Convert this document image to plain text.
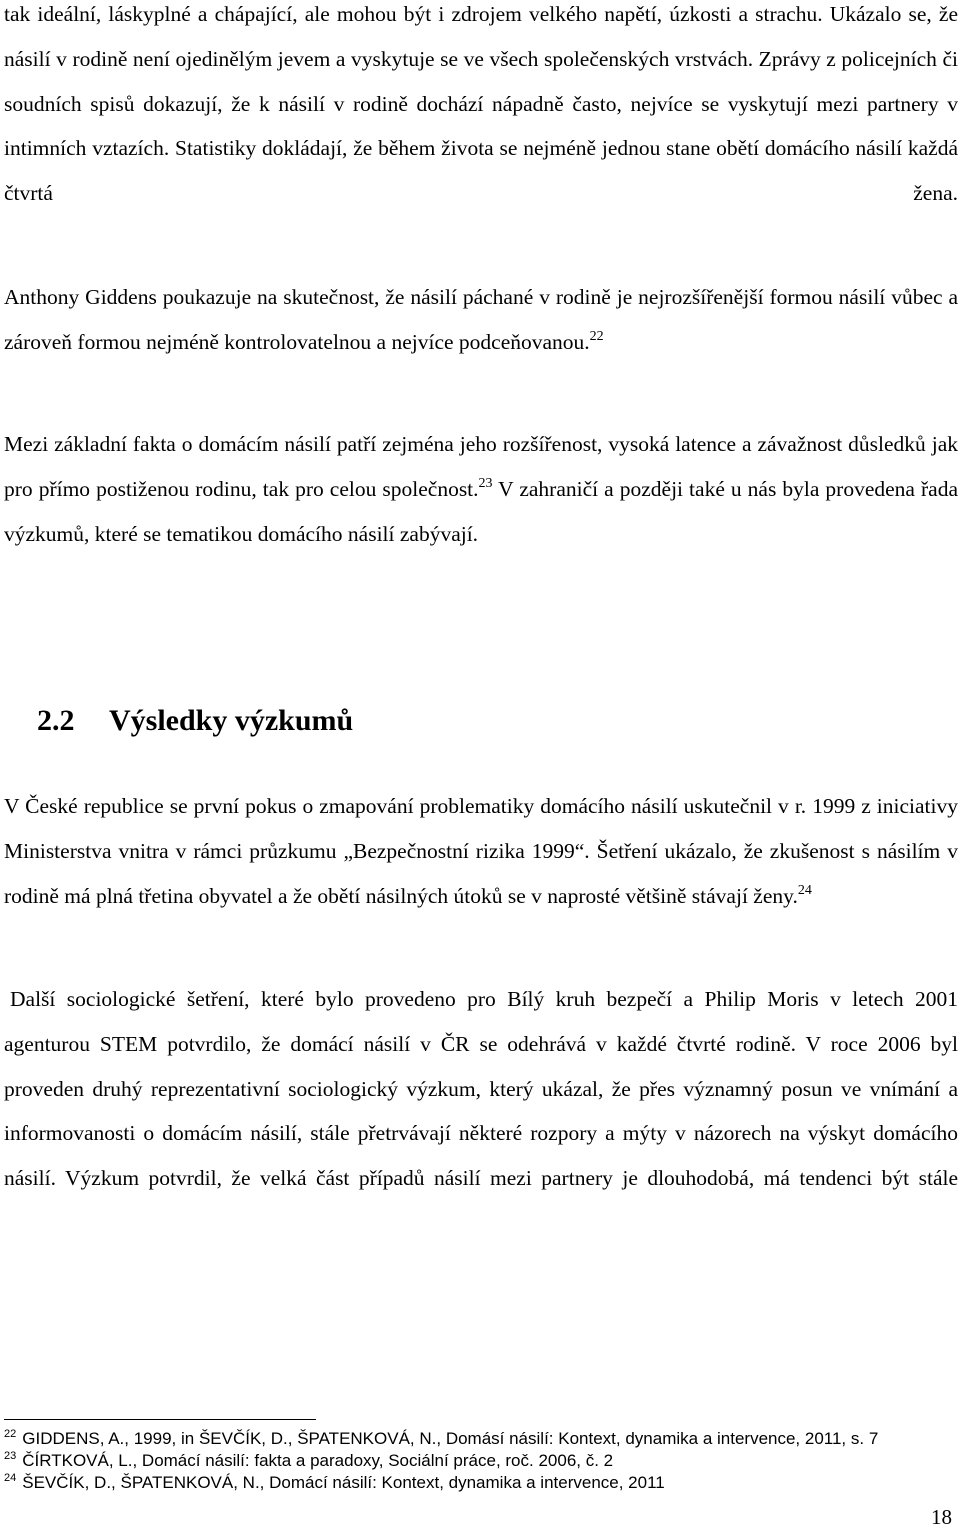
tak ideální, láskyplné a chápající, ale mohou být i zdrojem velkého napětí, úzkosti a strachu. Ukázalo se, že násilí v rodině není ojedinělým jevem a vyskytuje se ve všech společenských vrstvách. Zprávy z policejních či soudních spisů dokazují, že k násilí v rodině dochází nápadně často, nejvíce se vyskytují mezi partnery v intimních vztazích. Statistiky dokládají, že během života se nejméně jednou stane obětí domácího násilí každá čtvrtá žena.

Anthony Giddens poukazuje na skutečnost, že násilí páchané v rodině je nejrozšířenější formou násilí vůbec a zároveň formou nejméně kontrolovatelnou a nejvíce podceňovanou.$^{22}$

Mezi základní fakta o domácím násilí patří zejména jeho rozšířenost, vysoká latence a závažnost důsledků jak pro přímo postiženou rodinu, tak pro celou společnost.$^{23}$ V zahraničí a později také u nás byla provedena řada výzkumů, které se tematikou domácího násilí zabývají.

2.2 Výsledky výzkumů

V České republice se první pokus o zmapování problematiky domácího násilí uskutečnil v r. 1999 z iniciativy Ministerstva vnitra v rámci průzkumu „Bezpečnostní rizika 1999“. Šetření ukázalo, že zkušenost s násilím v rodině má plná třetina obyvatel a že obětí násilných útoků se v naprosté většině stávají ženy.$^{24}$

Další sociologické šetření, které bylo provedeno pro Bílý kruh bezpečí a Philip Moris v letech 2001 agenturou STEM potvrdilo, že domácí násilí v ČR se odehrává v každé čtvrté rodině. V roce 2006 byl proveden druhý reprezentativní sociologický výzkum, který ukázal, že přes významný posun ve vnímání a informovanosti o domácím násilí, stále přetrvávají některé rozpory a mýty v názorech na výskyt domácího násilí. Výzkum potvrdil, že velká část případů násilí mezi partnery je dlouhodobá, má tendenci být stále

$^{22}$ GIDDENS, A., 1999, in ŠEVČÍK, D., ŠPATENKOVÁ, N., Domásí násilí: Kontext, dynamika a intervence, 2011, s. 7

$^{23}$ ČÍRTKOVÁ, L., Domácí násilí: fakta a paradoxy, Sociální práce, roč. 2006, č. 2

$^{24}$ ŠEVČÍK, D., ŠPATENKOVÁ, N., Domácí násilí: Kontext, dynamika a intervence, 2011

18
